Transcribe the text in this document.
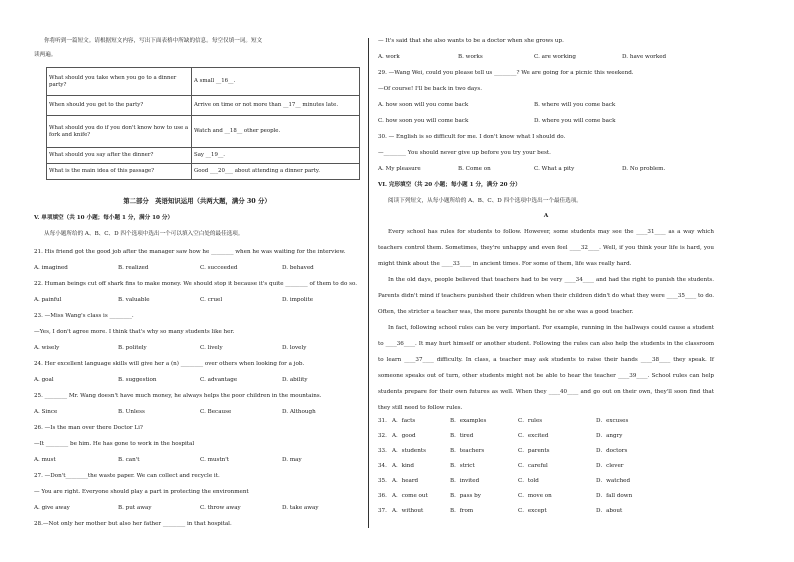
你将听到一篇短文。请根据短文内容，写出下面表格中所缺的信息。每空仅填一词。短文
读两遍。
What should you take when you go to a dinner party?	A small __16__.
When should you get to the party?	Arrive on time or not more than __17__ minutes late.
What should you do if you don't know how to use a fork and knife?	Watch and __18__ other people.
What should you say after the dinner?	Say __19__.
What is the main idea of this passage?	Good ___20___ about attending a dinner party.
第二部分　英语知识运用（共两大题，满分 30 分）
V. 单项填空（共 10 小题；每小题 1 分，满分 10 分）
从每小题所给的 A、B、C、D 四个选项中选出一个可以填入空白处的最佳选项。
21. His friend got the good job after the manager saw how he ________ when he was waiting for the interview.
A. imagined	B. realized	C. succeeded	D. behaved
22. Human beings cut off shark fins to make money. We should stop it because it's quite ________ of them to do so.
A. painful	B. valuable	C. cruel	D. impolite
23. —Miss Wang's class is ________.
—Yes, I don't agree more. I think that's why so many students like her.
A. wisely	B. politely	C. lively	D. lovely
24. Her excellent language skills will give her a (n) ________ over others when looking for a job.
A. goal	B. suggestion	C. advantage	D. ability
25. ________ Mr. Wang doesn't have much money, he always helps the poor children in the mountains.
A. Since	B. Unless	C. Because	D. Although
26. —Is the man over there Doctor Li?
—It ________ be him. He has gone to work in the hospital
A. must	B. can't	C. mustn't	D. may
27. —Don't________the waste paper. We can collect and recycle it.
— You are right. Everyone should play a part in protecting the environment
A. give away	B. put away	C. throw away	D. take away
28.—Not only her mother but also her father ________ in that hospital.
— It's said that she also wants to be a doctor when she grows up.
A. work	B. works	C. are working	D. have worked
29. —Wang Wei, could you please tell us ________? We are going for a picnic this weekend.
—Of course! I'll be back in two days.
A. how soon will you come back	B. where will you come back
C. how soon you will come back	D. where you will come back
30. — English is so difficult for me. I don't know what I should do.
—________ You should never give up before you try your best.
A. My pleasure	B. Come on	C. What a pity	D. No problem.
VI. 完形填空（共 20 小题；每小题 1 分，满分 20 分）
阅读下列短文，从每小题所给的 A、B、C、D 四个选项中选出一个最佳选项。
A

Every school has rules for students to follow. However, some students may see the ____31____ as a way which teachers control them. Sometimes, they're unhappy and even feel ____32____. Well, if you think your life is hard, you might think about the ____33____ in ancient times. For some of them, life was really hard.

In the old days, people believed that teachers had to be very ____34____ and had the right to punish the students. Parents didn't mind if teachers punished their children when their children didn't do what they were ____35____ to do. Often, the stricter a teacher was, the more parents thought he or she was a good teacher.

In fact, following school rules can be very important. For example, running in the hallways could cause a student to ____36____. It may hurt himself or another student. Following the rules can also help the students in the classroom to learn ____37____ difficulty. In class, a teacher may ask students to raise their hands ____38____ they speak. If someone speaks out of turn, other students might not be able to hear the teacher ____39____. School rules can help students prepare for their own futures as well. When they ____40____ and go out on their own, they'll soon find that they still need to follow rules.

31. A．facts	B．examples	C．rules	D．excuses
32. A．good	B．tired	C．excited	D．angry
33. A．students	B．teachers	C．parents	D．doctors
34. A．kind	B．strict	C．careful	D．clever
35. A．heard	B．invited	C．told	D．watched
36. A．come out	B．pass by	C．move on	D．fall down
37. A．without	B．from	C．except	D．about
